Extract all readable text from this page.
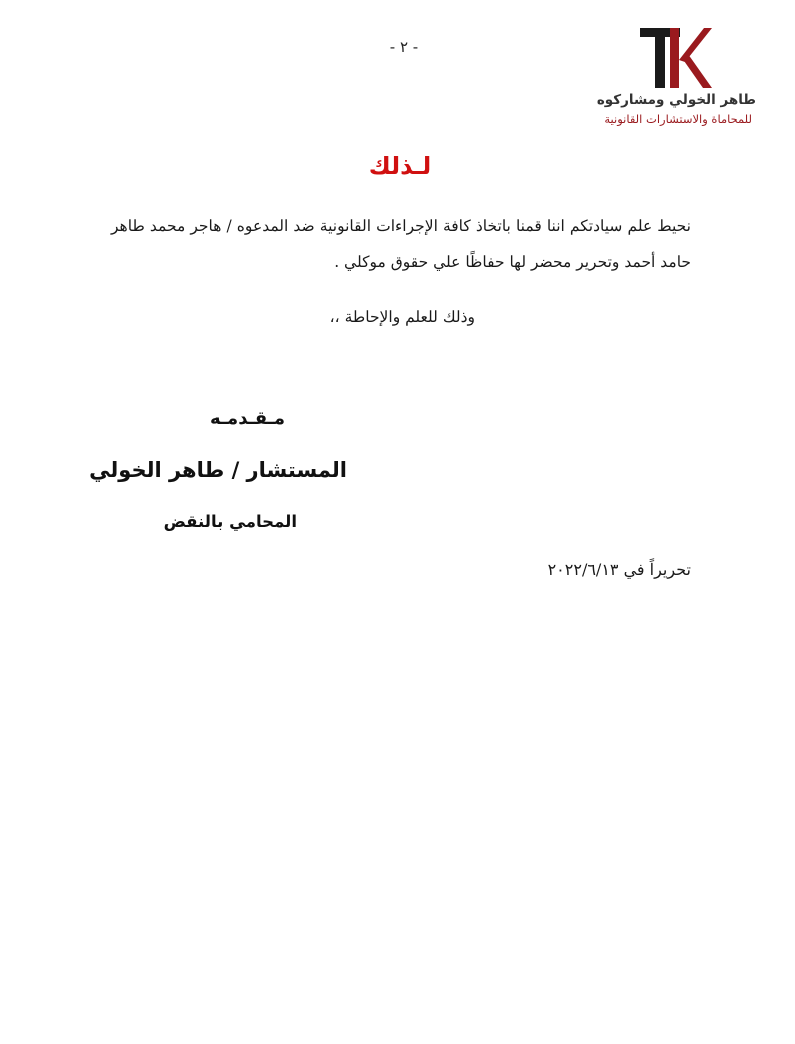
- ٢ -
طاهر الخولي ومشاركوه
للمحاماة والاستشارات القانونية
لـذلك
نحيط علم سيادتكم اننا قمنا باتخاذ كافة الإجراءات القانونية ضد المدعوه / هاجر محمد طاهر حامد أحمد وتحرير محضر لها حفاظًا علي حقوق موكلي .
وذلك للعلم والإحاطة ،،
مـقـدمـه
المستشار / طاهر الخولي
المحامي بالنقض
تحريراً في ٢٠٢٢/٦/١٣
